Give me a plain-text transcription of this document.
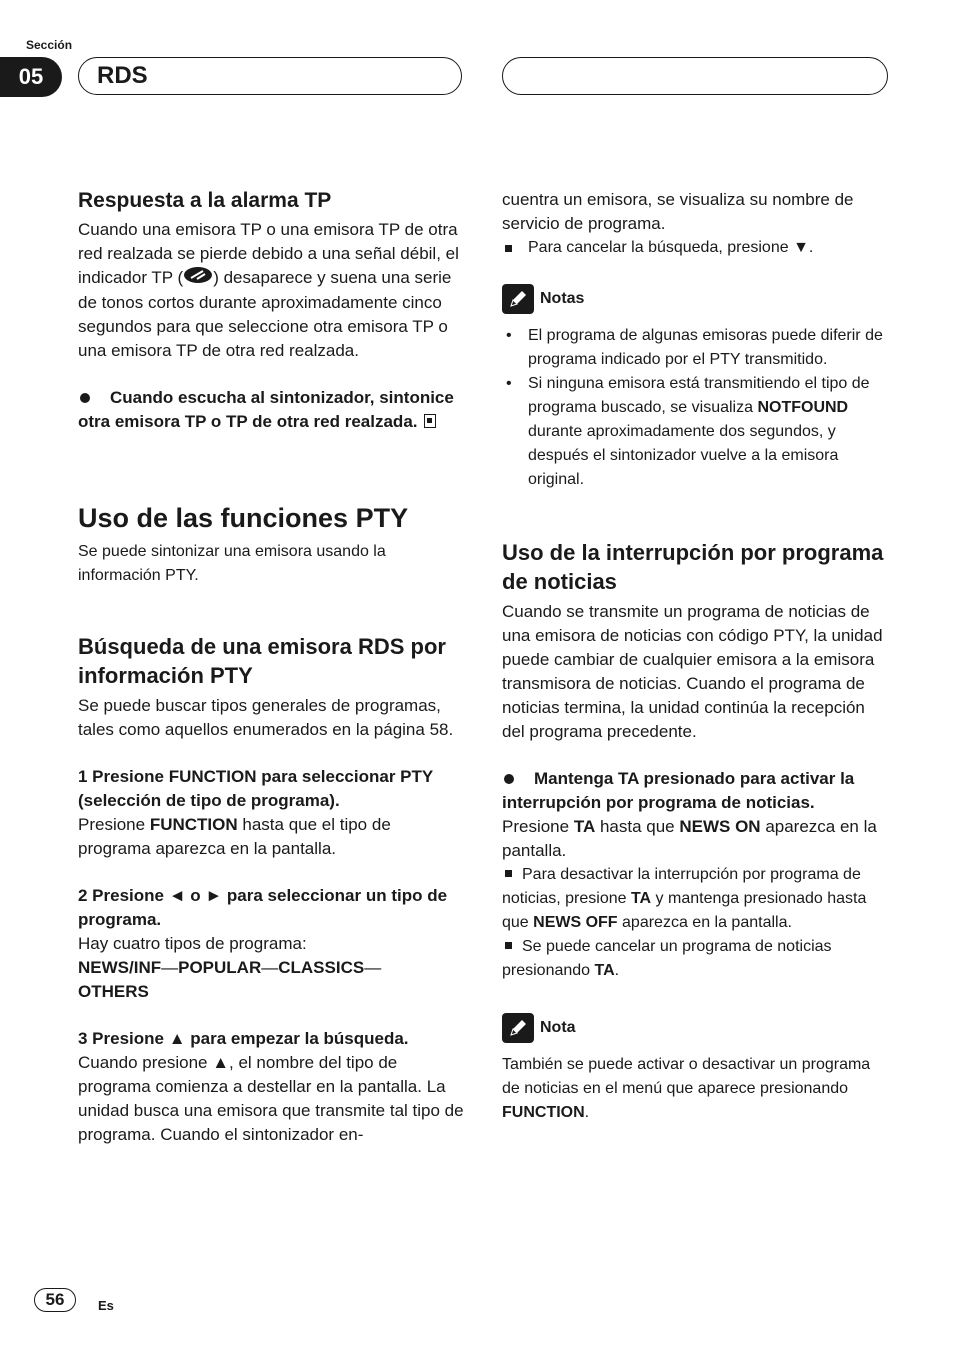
Sección
05	RDS
Respuesta a la alarma TP

Cuando una emisora TP o una emisora TP de otra red realzada se pierde debido a una señal débil, el indicador TP ( ) desaparece y suena una serie de tonos cortos durante aproximadamente cinco segundos para que seleccione otra emisora TP o una emisora TP de otra red realzada.

Cuando escucha al sintonizador, sintonice otra emisora TP o TP de otra red realzada.

Uso de las funciones PTY

Se puede sintonizar una emisora usando la información PTY.

Búsqueda de una emisora RDS por información PTY

Se puede buscar tipos generales de programas, tales como aquellos enumerados en la página 58.

1 Presione FUNCTION para seleccionar PTY (selección de tipo de programa).

Presione FUNCTION hasta que el tipo de programa aparezca en la pantalla.

2 Presione ◄ o ► para seleccionar un tipo de programa.

Hay cuatro tipos de programa:

NEWS/INF—POPULAR—CLASSICS—
OTHERS

3 Presione ▲ para empezar la búsqueda.

Cuando presione ▲, el nombre del tipo de programa comienza a destellar en la pantalla. La unidad busca una emisora que transmite tal tipo de programa. Cuando el sintonizador en-

cuentra un emisora, se visualiza su nombre de servicio de programa.

Para cancelar la búsqueda, presione ▼.
Notas
• El programa de algunas emisoras puede diferir de programa indicado por el PTY transmitido.
• Si ninguna emisora está transmitiendo el tipo de programa buscado, se visualiza NOTFOUND durante aproximadamente dos segundos, y después el sintonizador vuelve a la emisora original.
Uso de la interrupción por programa de noticias

Cuando se transmite un programa de noticias de una emisora de noticias con código PTY, la unidad puede cambiar de cualquier emisora a la emisora transmisora de noticias. Cuando el programa de noticias termina, la unidad continúa la recepción del programa precedente.

Mantenga TA presionado para activar la interrupción por programa de noticias.

Presione TA hasta que NEWS ON aparezca en la pantalla.

Para desactivar la interrupción por programa de noticias, presione TA y mantenga presionado hasta que NEWS OFF aparezca en la pantalla.

Se puede cancelar un programa de noticias presionando TA.

Nota

También se puede activar o desactivar un programa de noticias en el menú que aparece presionando FUNCTION.

56	Es
